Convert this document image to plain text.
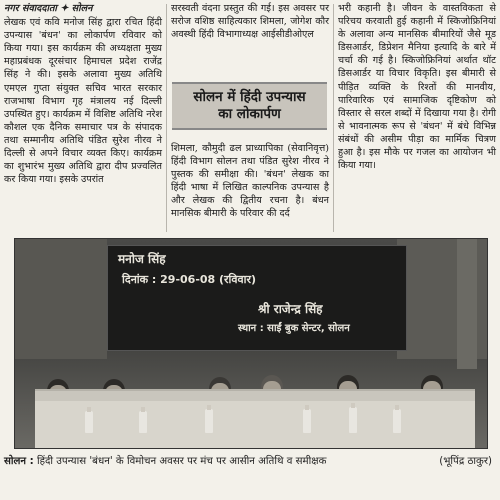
नगर संवाददाता ✦ सोलन

लेखक एवं कवि मनोज सिंह द्वारा रचित हिंदी उपन्यास 'बंधन' का लोकार्पण रविवार को किया गया। इस कार्यक्रम की अध्यक्षता मुख्य महाप्रबंधक दूरसंचार हिमाचल प्रदेश राजेंद्र सिंह ने की। इसके अलावा मुख्य अतिथि एमएल गुप्ता संयुक्त सचिव भारत सरकार राजभाषा विभाग गृह मंत्रालय नई दिल्ली उपस्थित हुए। कार्यक्रम में विशिष्ट अतिथि नरेश कौशल एक दैनिक समाचार पत्र के संपादक तथा सम्मानीय अतिथि पंडित सुरेश नीरव ने दिल्ली से अपने विचार व्यक्त किए। कार्यक्रम का शुभारंभ मुख्य अतिथि द्वारा दीप प्रज्वलित कर किया गया। इसके उपरांत

सरस्वती वंदना प्रस्तुत की गई। इस अवसर पर सरोज वशिष्ठ साहित्यकार शिमला, जोगेश कौर अवस्थी हिंदी विभागाध्यक्ष आईसीडीओएल

सोलन में हिंदी उपन्यास
का लोकार्पण

शिमला, कौमुदी ढल प्राध्यापिका (सेवानिवृत्त) हिंदी विभाग सोलन तथा पंडित सुरेश नीरव ने पुस्तक की समीक्षा की। 'बंधन' लेखक का हिंदी भाषा में लिखित काल्पनिक उपन्यास है और लेखक की द्वितीय रचना है। बंधन मानसिक बीमारी के परिवार की दर्द

भरी कहानी है। जीवन के वास्तविकता से परिचय करवाती हुई कहानी में स्किजोफ्रिनियां के अलावा अन्य मानसिक बीमारियों जैसे मूड डिसआर्डर, डिप्रेशन मैनिया इत्यादि के बारे में चर्चा की गई है। स्किजोफ्रिनियां अर्थात थॉट डिसआर्डर या विचार विकृति। इस बीमारी से पीड़ित व्यक्ति के रिश्तों की मानवीय, पारिवारिक एवं सामाजिक दृष्टिकोण को विस्तार से सरल शब्दों में दिखाया गया है। रोगी से भावनात्मक रूप से 'बंधन' में बंधे विभिन्न संबंधों की असीम पीड़ा का मार्मिक चित्रण हुआ है। इस मौके पर गजल का आयोजन भी किया गया।

मनोज सिंह
दिनांक : 29-06-08 (रविवार)
श्री राजेन्द्र सिंह
स्थान : साईं बुक सेन्टर, सोलन
सोलन : हिंदी उपन्यास 'बंधन' के विमोचन अवसर पर मंच पर आसीन अतिथि व समीक्षक	(भूपिंद्र ठाकुर)
